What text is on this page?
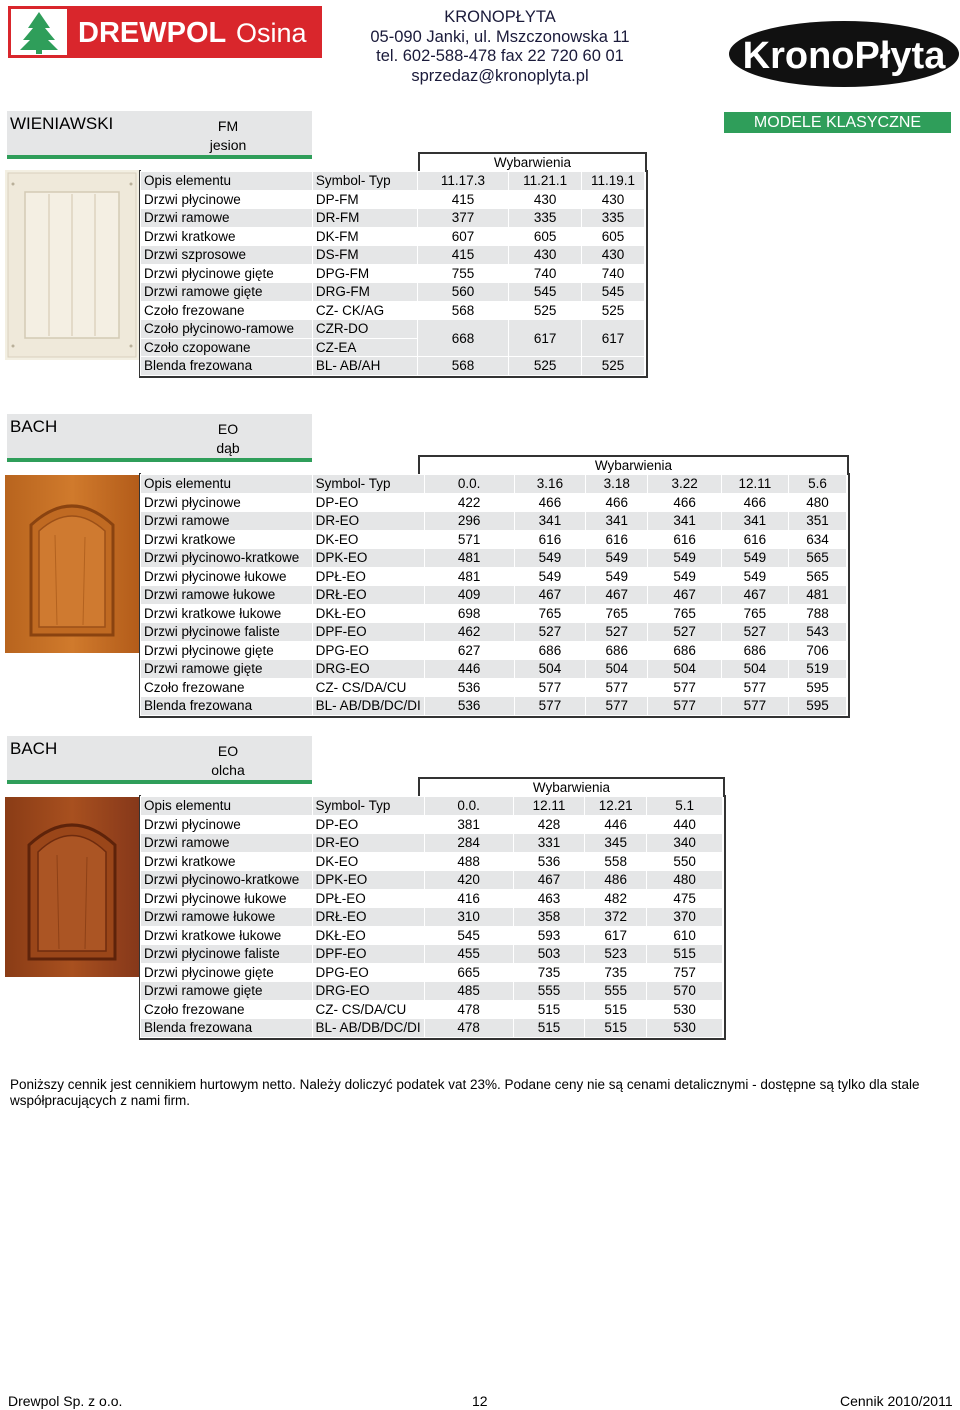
DREWPOL Osina
KRONOPŁYTA
05-090 Janki, ul. Mszczonowska 11
tel. 602-588-478 fax 22 720 60 01
sprzedaz@kronoplyta.pl	KronoPłyta
MODELE KLASYCZNE
WIENIAWSKI	FM
jesion
Wybarwienia
Opis elementu	Symbol- Typ	11.17.3	11.21.1	11.19.1
Drzwi płycinowe	DP-FM	415	430	430
Drzwi ramowe	DR-FM	377	335	335
Drzwi kratkowe	DK-FM	607	605	605
Drzwi szprosowe	DS-FM	415	430	430
Drzwi płycinowe gięte	DPG-FM	755	740	740
Drzwi ramowe gięte	DRG-FM	560	545	545
Czoło frezowane	CZ- CK/AG	568	525	525
Czoło płycinowo-ramowe	CZR-DO	668	617	617
Czoło czopowane	CZ-EA			
Blenda frezowana	BL- AB/AH	568	525	525
BACH	EO
dąb
Wybarwienia
Opis elementu	Symbol- Typ	0.0.	3.16	3.18	3.22	12.11	5.6
Drzwi płycinowe	DP-EO	422	466	466	466	466	480
Drzwi ramowe	DR-EO	296	341	341	341	341	351
Drzwi kratkowe	DK-EO	571	616	616	616	616	634
Drzwi płycinowo-kratkowe	DPK-EO	481	549	549	549	549	565
Drzwi płycinowe łukowe	DPŁ-EO	481	549	549	549	549	565
Drzwi ramowe łukowe	DRŁ-EO	409	467	467	467	467	481
Drzwi kratkowe łukowe	DKŁ-EO	698	765	765	765	765	788
Drzwi płycinowe faliste	DPF-EO	462	527	527	527	527	543
Drzwi płycinowe gięte	DPG-EO	627	686	686	686	686	706
Drzwi ramowe gięte	DRG-EO	446	504	504	504	504	519
Czoło frezowane	CZ- CS/DA/CU	536	577	577	577	577	595
Blenda frezowana	BL- AB/DB/DC/DI	536	577	577	577	577	595
BACH	EO
olcha
Wybarwienia
Opis elementu	Symbol- Typ	0.0.	12.11	12.21	5.1
Drzwi płycinowe	DP-EO	381	428	446	440
Drzwi ramowe	DR-EO	284	331	345	340
Drzwi kratkowe	DK-EO	488	536	558	550
Drzwi płycinowo-kratkowe	DPK-EO	420	467	486	480
Drzwi płycinowe łukowe	DPŁ-EO	416	463	482	475
Drzwi ramowe łukowe	DRŁ-EO	310	358	372	370
Drzwi kratkowe łukowe	DKŁ-EO	545	593	617	610
Drzwi płycinowe faliste	DPF-EO	455	503	523	515
Drzwi płycinowe gięte	DPG-EO	665	735	735	757
Drzwi ramowe gięte	DRG-EO	485	555	555	570
Czoło frezowane	CZ- CS/DA/CU	478	515	515	530
Blenda frezowana	BL- AB/DB/DC/DI	478	515	515	530
Poniższy cennik jest cennikiem hurtowym netto. Należy doliczyć podatek vat 23%. Podane ceny nie są cenami detalicznymi - dostępne są tylko dla stale współpracujących z nami firm.
Drewpol Sp. z o.o.	12	Cennik 2010/2011
